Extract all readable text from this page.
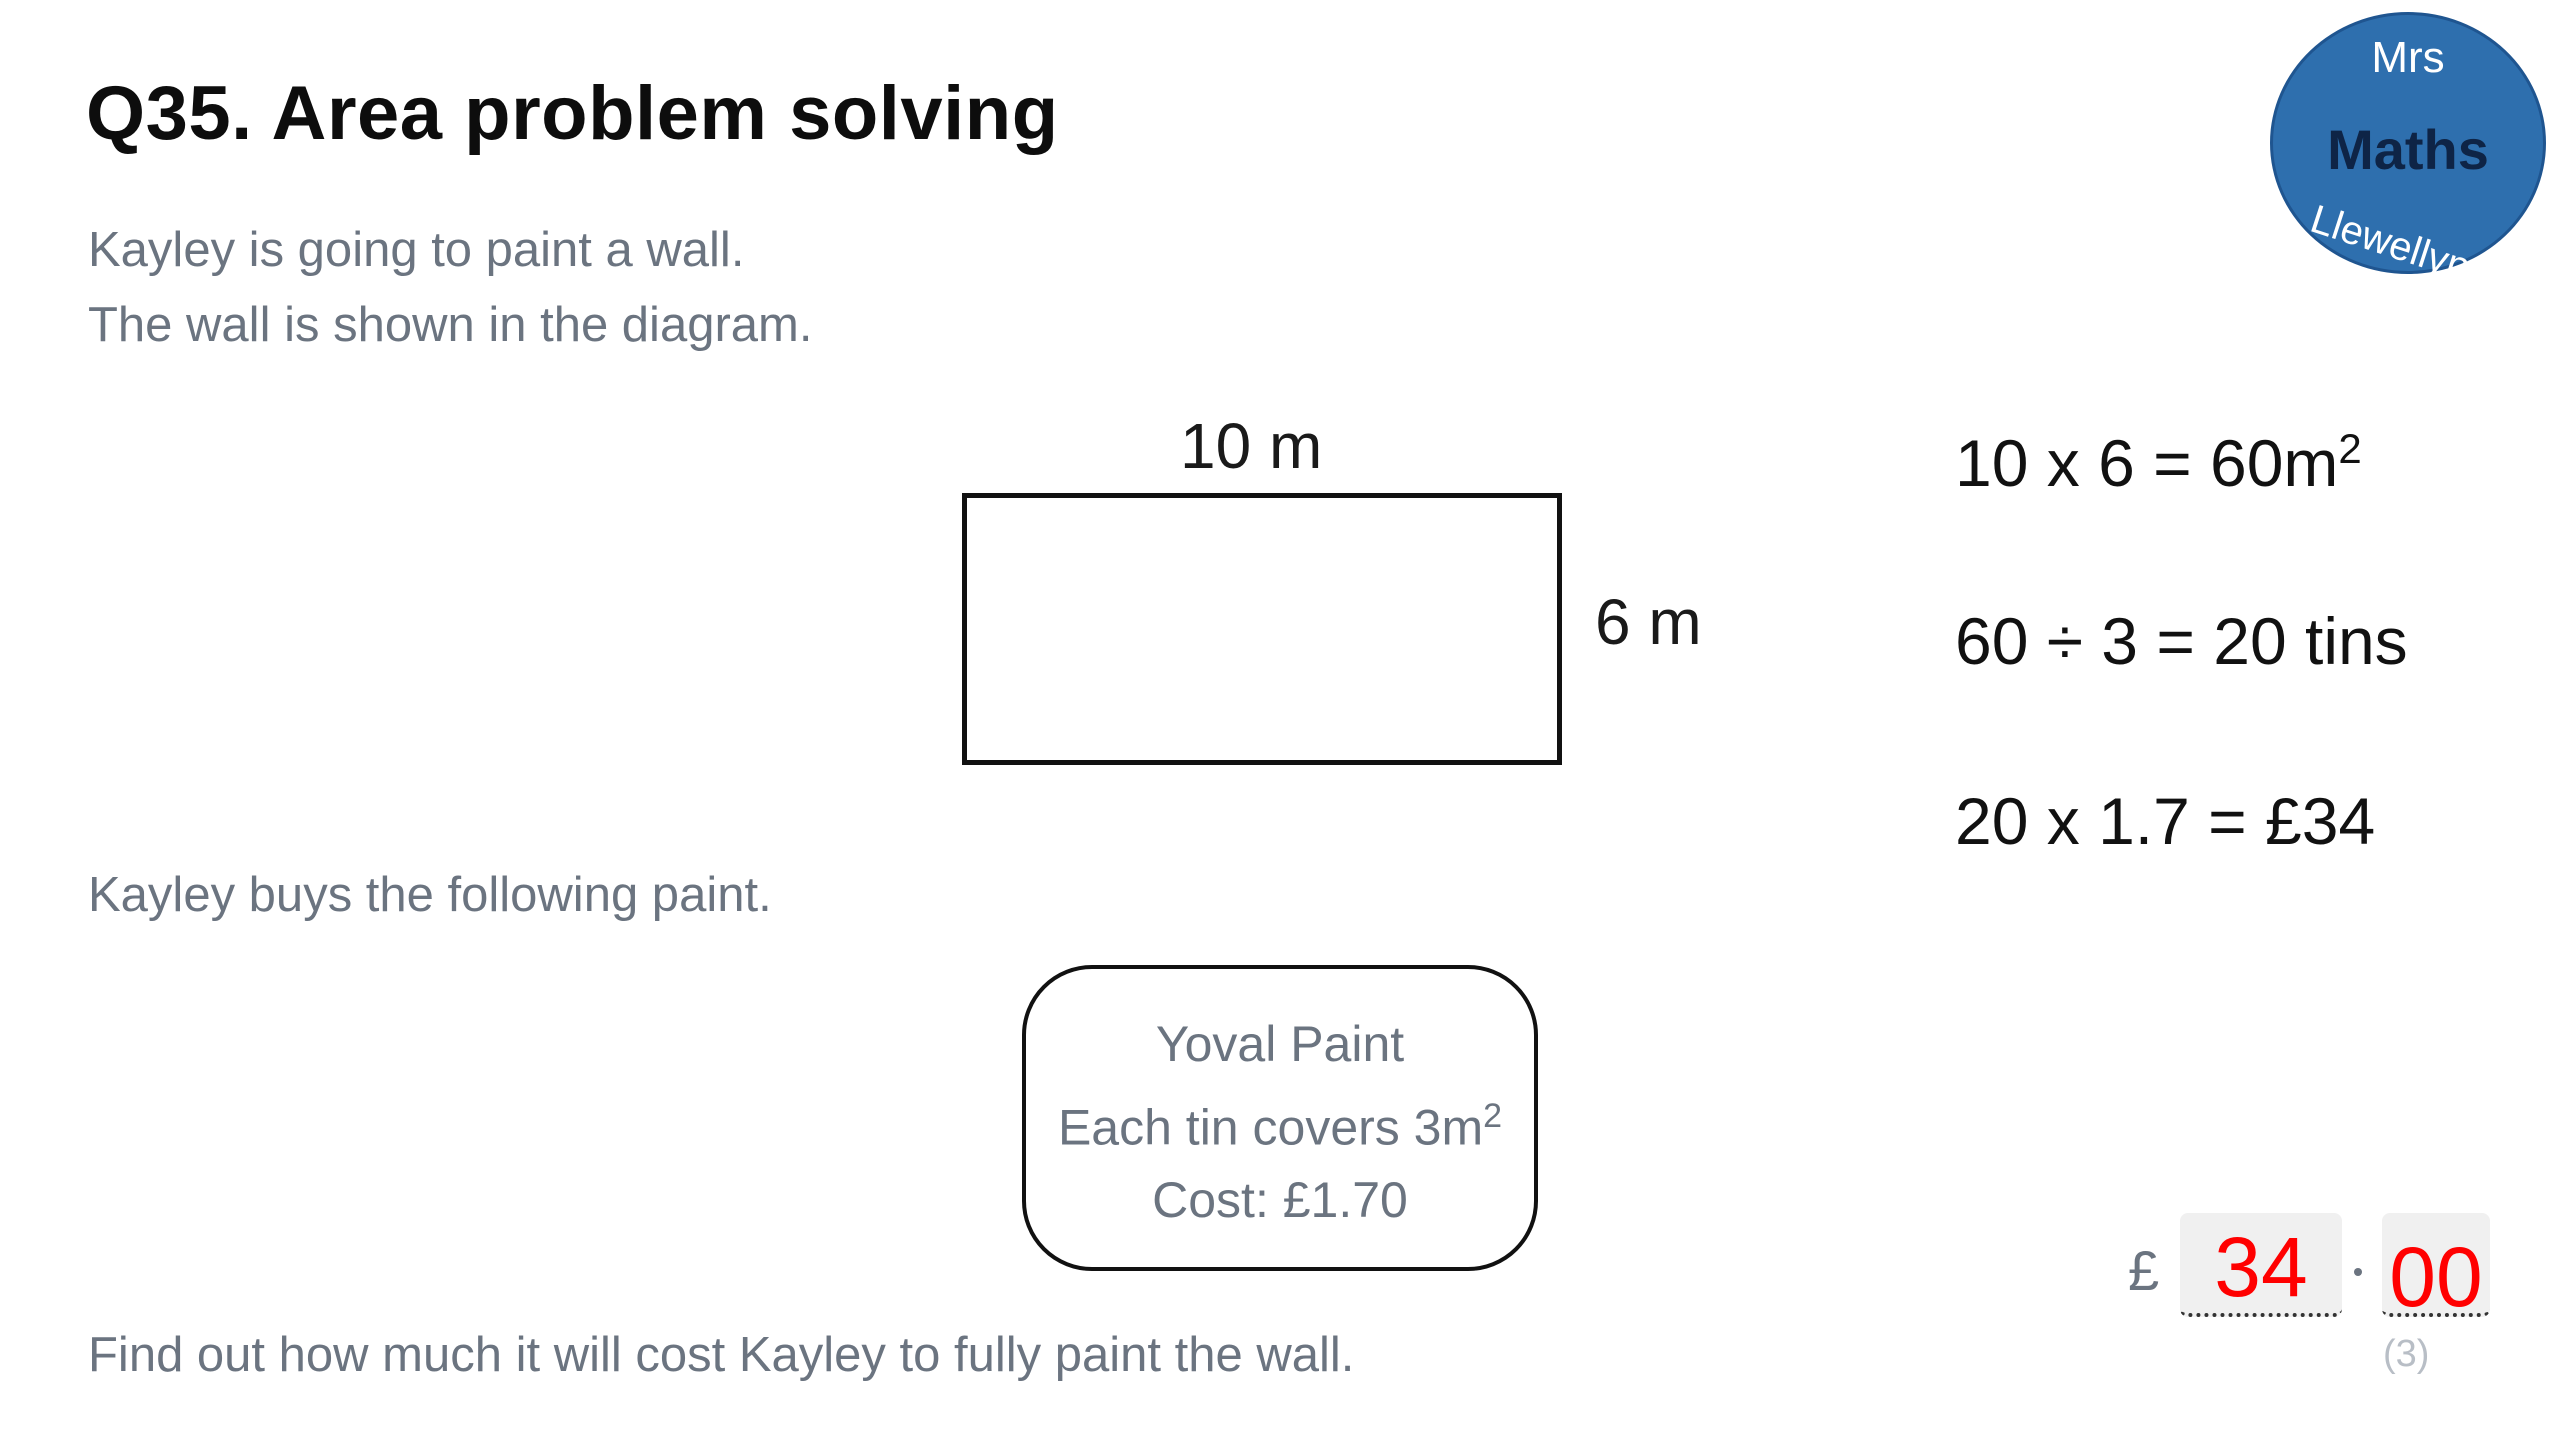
Q35. Area problem solving
Kayley is going to paint a wall.
The wall is shown in the diagram.
Mrs
Maths
Llewellyn
10 m
6 m
10 x $6 = 60m^2$
60 ÷ 3 = 20 tins
20 x 1.7 = £34
Kayley buys the following paint.
Yoval Paint
Each tin covers $3m^2$
Cost: £1.70
Find out how much it will cost Kayley to fully paint the wall.
£ 34 00
(3)
